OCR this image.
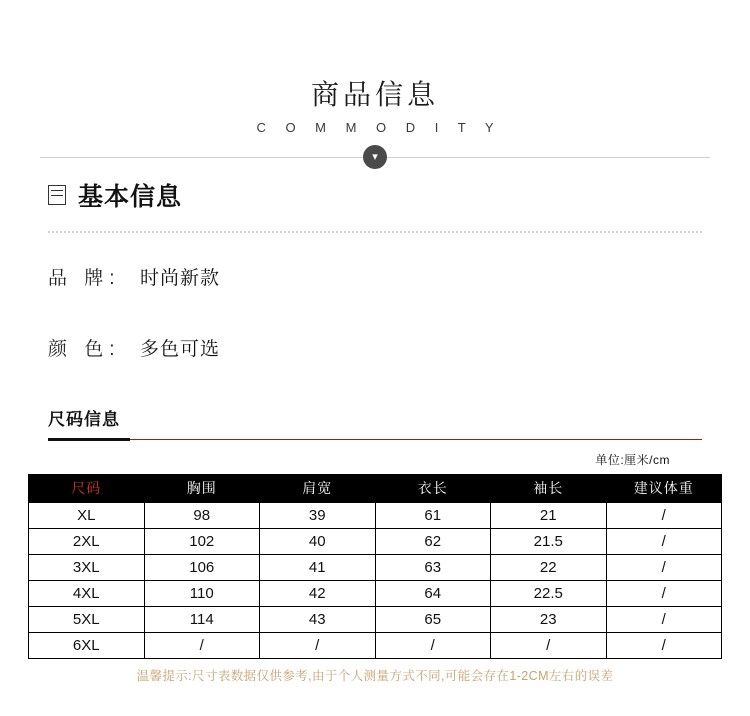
商品信息
C O M M O D I T Y
▾
基本信息
品 牌:	时尚新款
颜 色:	多色可选
尺码信息
单位:厘米/cm
尺码	胸围	肩宽	衣长	袖长	建议体重
XL	98	39	61	21	/
2XL	102	40	62	21.5	/
3XL	106	41	63	22	/
4XL	110	42	64	22.5	/
5XL	114	43	65	23	/
6XL	/	/	/	/	/
温馨提示:尺寸表数据仅供参考,由于个人测量方式不同,可能会存在1-2CM左右的误差
